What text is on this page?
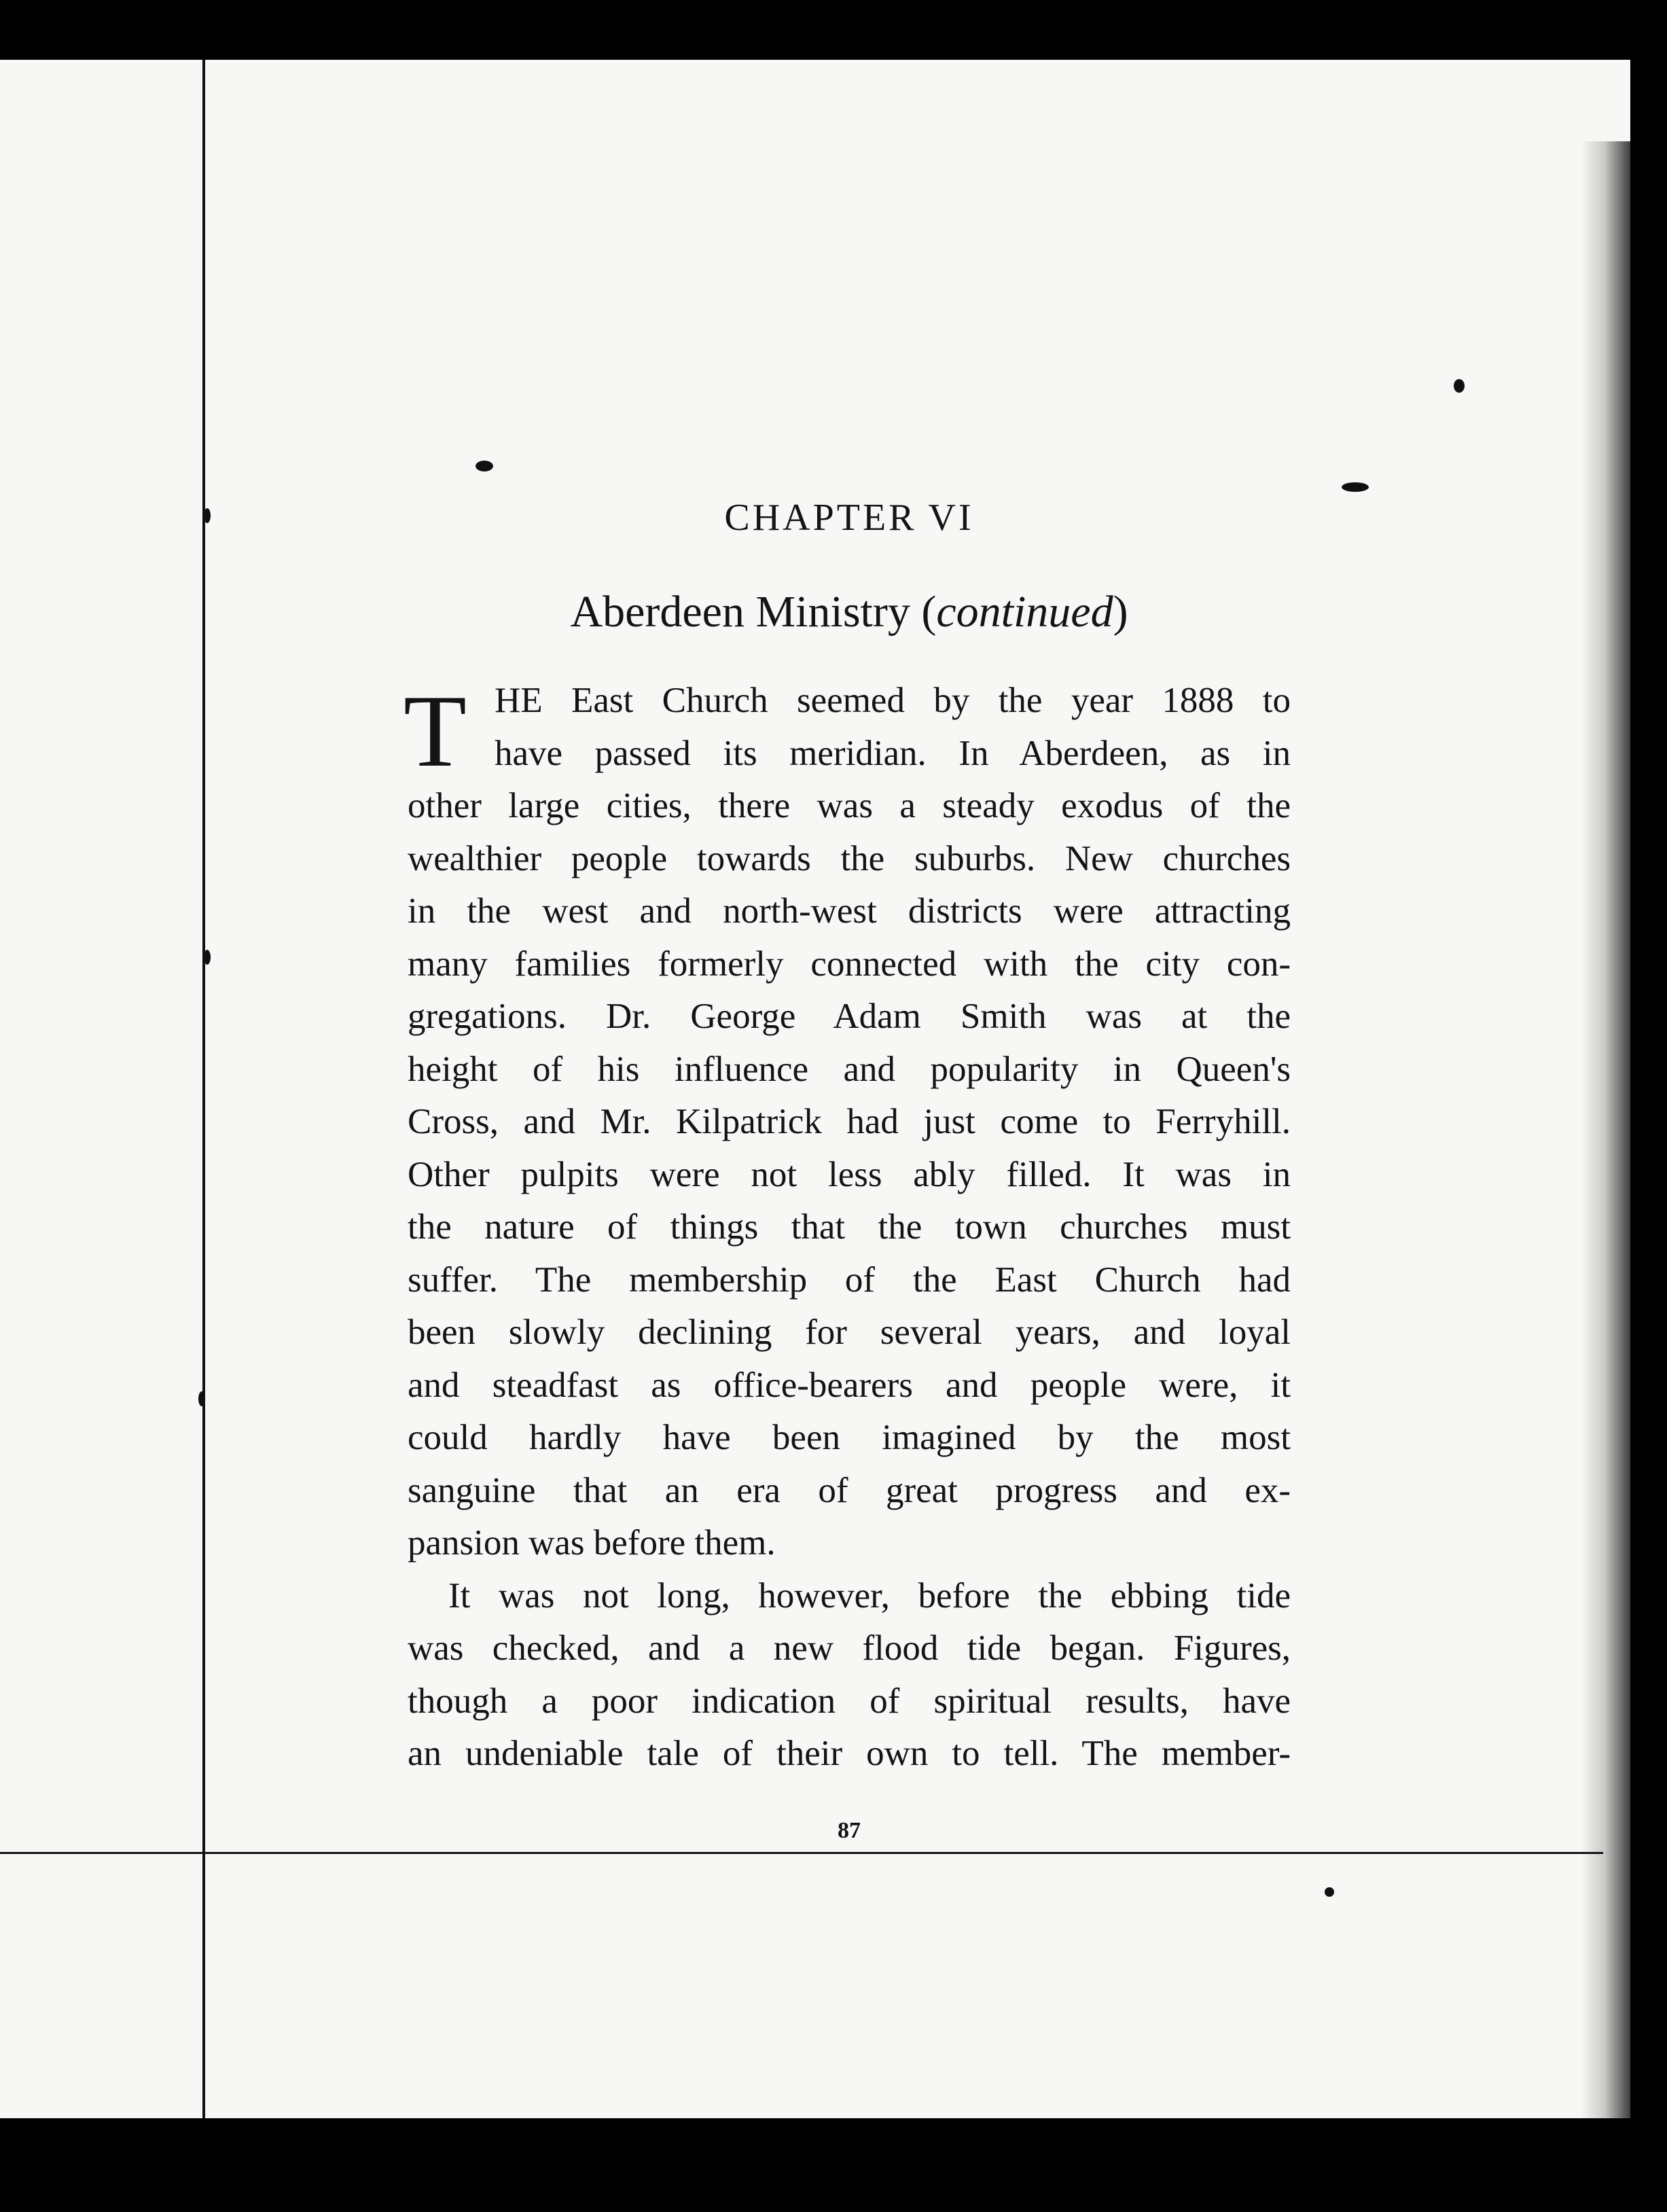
CHAPTER VI
Aberdeen Ministry (continued)
T HE East Church seemed by the year 1888 to
have passed its meridian. In Aberdeen, as in
other large cities, there was a steady exodus of the
wealthier people towards the suburbs. New churches
in the west and north-west districts were attracting
many families formerly connected with the city con-
gregations. Dr. George Adam Smith was at the
height of his influence and popularity in Queen's
Cross, and Mr. Kilpatrick had just come to Ferryhill.
Other pulpits were not less ably filled. It was in
the nature of things that the town churches must
suffer. The membership of the East Church had
been slowly declining for several years, and loyal
and steadfast as office-bearers and people were, it
could hardly have been imagined by the most
sanguine that an era of great progress and ex-
pansion was before them.
It was not long, however, before the ebbing tide
was checked, and a new flood tide began. Figures,
though a poor indication of spiritual results, have
an undeniable tale of their own to tell. The member-
87
